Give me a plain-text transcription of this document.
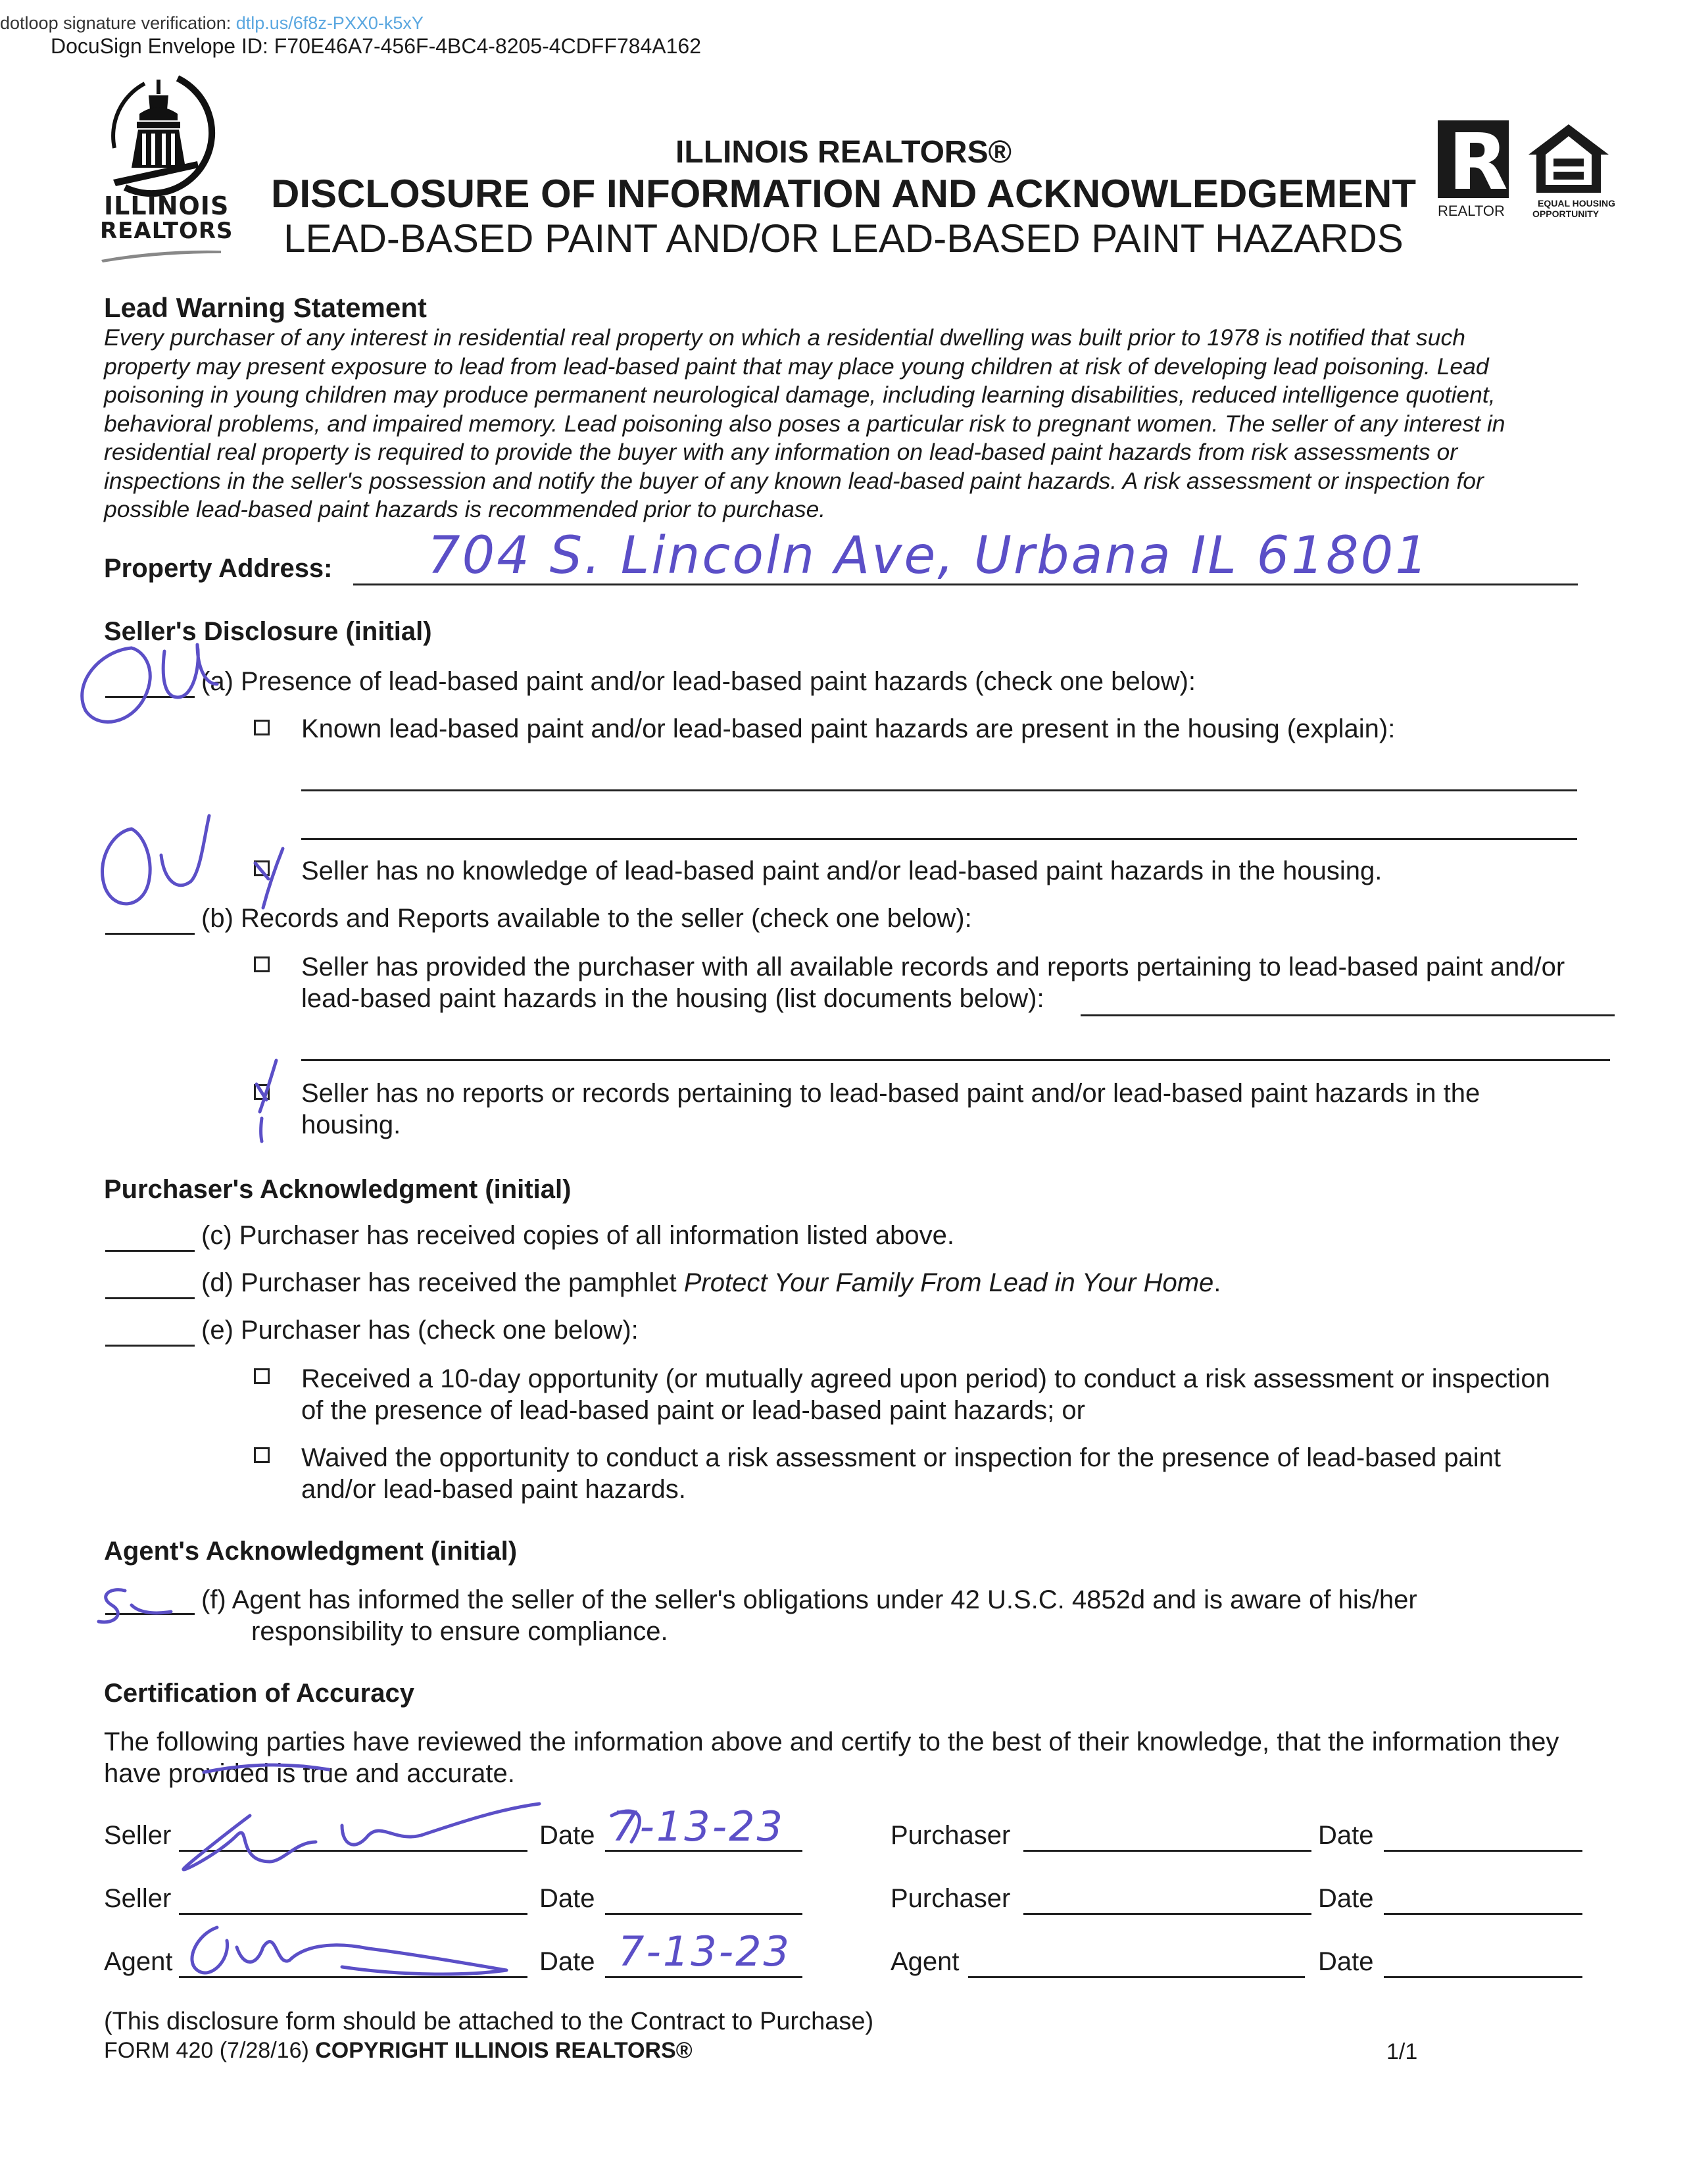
dotloop signature verification: dtlp.us/6f8z-PXX0-k5xY
DocuSign Envelope ID: F70E46A7-456F-4BC4-8205-4CDFF784A162
ILLINOIS
REALTORS
R
REALTOR	EQUAL HOUSING
OPPORTUNITY
ILLINOIS REALTORS®
DISCLOSURE OF INFORMATION AND ACKNOWLEDGEMENT
LEAD-BASED PAINT AND/OR LEAD-BASED PAINT HAZARDS
Lead Warning Statement
Every purchaser of any interest in residential real property on which a residential dwelling was built prior to 1978 is notified that such
property may present exposure to lead from lead-based paint that may place young children at risk of developing lead poisoning. Lead
poisoning in young children may produce permanent neurological damage, including learning disabilities, reduced intelligence quotient,
behavioral problems, and impaired memory. Lead poisoning also poses a particular risk to pregnant women. The seller of any interest in
residential real property is required to provide the buyer with any information on lead-based paint hazards from risk assessments or
inspections in the seller's possession and notify the buyer of any known lead-based paint hazards. A risk assessment or inspection for
possible lead-based paint hazards is recommended prior to purchase.
Property Address: 704 S. Lincoln Ave, Urbana IL 61801
Seller's Disclosure (initial)
(a) Presence of lead-based paint and/or lead-based paint hazards (check one below):
Known lead-based paint and/or lead-based paint hazards are present in the housing (explain):
Seller has no knowledge of lead-based paint and/or lead-based paint hazards in the housing.
(b) Records and Reports available to the seller (check one below):
Seller has provided the purchaser with all available records and reports pertaining to lead-based paint and/or
lead-based paint hazards in the housing (list documents below):
Seller has no reports or records pertaining to lead-based paint and/or lead-based paint hazards in the
housing.
Purchaser's Acknowledgment (initial)
(c) Purchaser has received copies of all information listed above.
(d) Purchaser has received the pamphlet Protect Your Family From Lead in Your Home.
(e) Purchaser has (check one below):
Received a 10-day opportunity (or mutually agreed upon period) to conduct a risk assessment or inspection
of the presence of lead-based paint or lead-based paint hazards; or
Waived the opportunity to conduct a risk assessment or inspection for the presence of lead-based paint
and/or lead-based paint hazards.
Agent's Acknowledgment (initial)
(f) Agent has informed the seller of the seller's obligations under 42 U.S.C. 4852d and is aware of his/her
responsibility to ensure compliance.
Certification of Accuracy
The following parties have reviewed the information above and certify to the best of their knowledge, that the information they
have provided is true and accurate.
Seller	Date 7-13-23	Purchaser	Date
Seller	Date	Purchaser	Date
Agent	Date 7-13-23	Agent	Date
(This disclosure form should be attached to the Contract to Purchase)
FORM 420 (7/28/16) COPYRIGHT ILLINOIS REALTORS®	1/1
